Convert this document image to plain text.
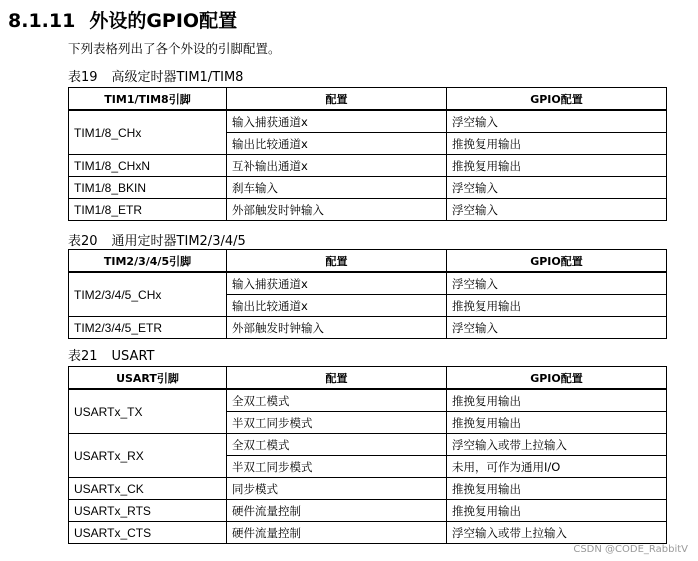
8.1.11 外设的GPIO配置
下列表格列出了各个外设的引脚配置。
表19 高级定时器TIM1/TIM8
TIM1/TIM8引脚	配置	GPIO配置
TIM1/8_CHx	输入捕获通道x	浮空输入
	输出比较通道x	推挽复用输出
TIM1/8_CHxN	互补输出通道x	推挽复用输出
TIM1/8_BKIN	刹车输入	浮空输入
TIM1/8_ETR	外部触发时钟输入	浮空输入
表20 通用定时器TIM2/3/4/5
TIM2/3/4/5引脚	配置	GPIO配置
TIM2/3/4/5_CHx	输入捕获通道x	浮空输入
	输出比较通道x	推挽复用输出
TIM2/3/4/5_ETR	外部触发时钟输入	浮空输入
表21 USART
USART引脚	配置	GPIO配置
USARTx_TX	全双工模式	推挽复用输出
	半双工同步模式	推挽复用输出
USARTx_RX	全双工模式	浮空输入或带上拉输入
	半双工同步模式	未用，可作为通用I/O
USARTx_CK	同步模式	推挽复用输出
USARTx_RTS	硬件流量控制	推挽复用输出
USARTx_CTS	硬件流量控制	浮空输入或带上拉输入
CSDN @CODE_RabbitV
